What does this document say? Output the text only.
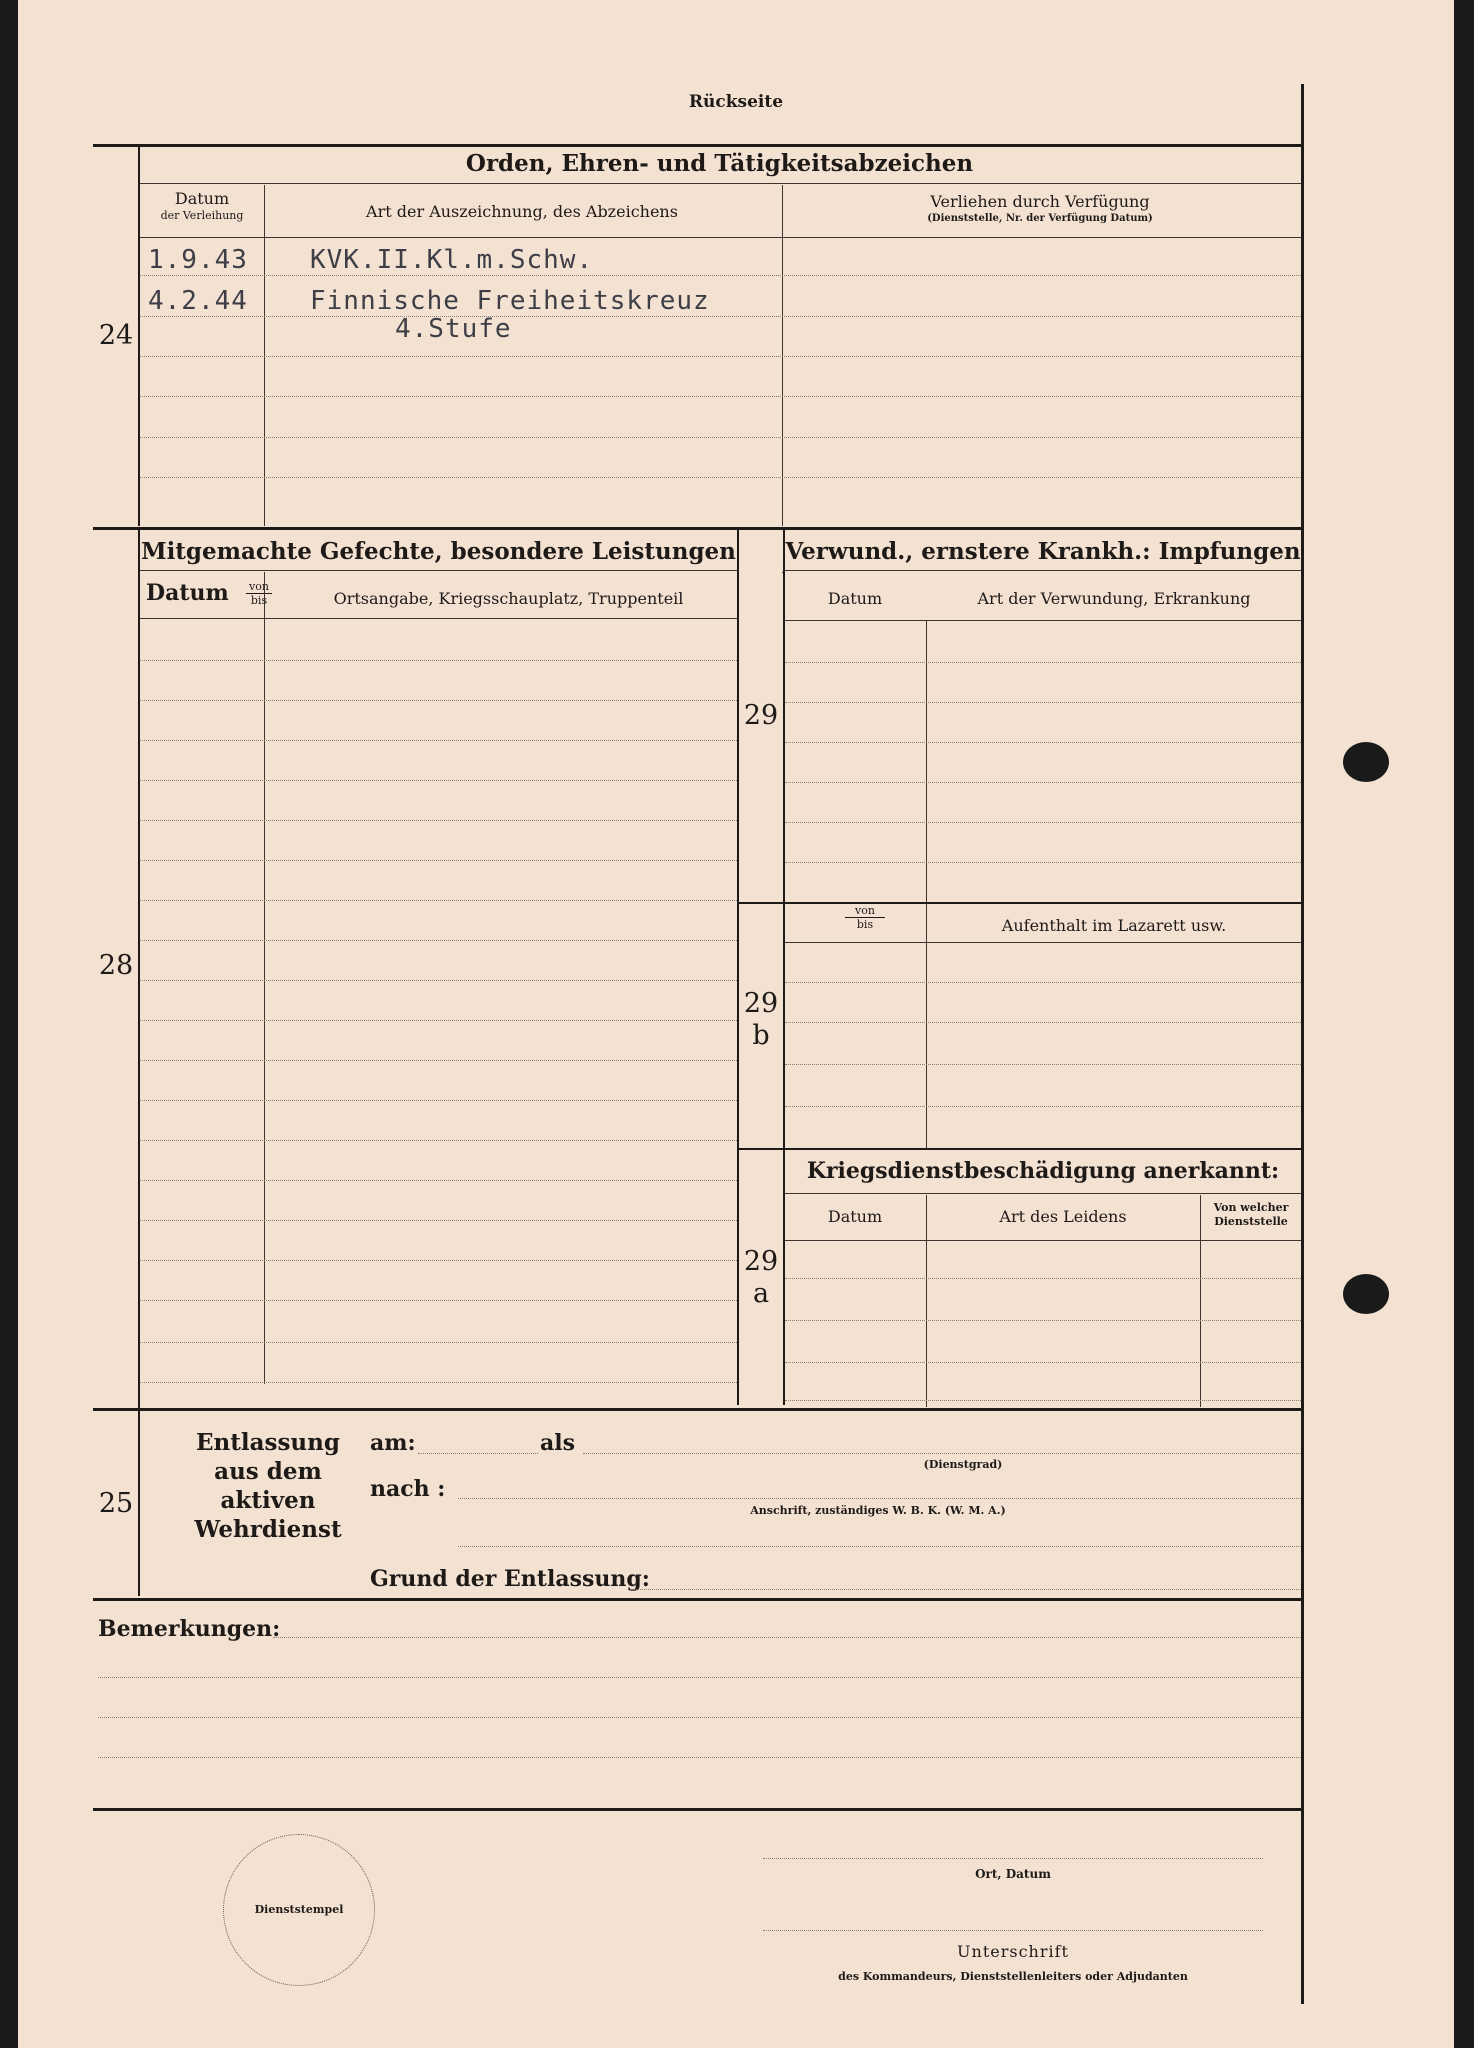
Rückseite
Orden, Ehren- und Tätigkeitsabzeichen
Datum
der Verleihung	Art der Auszeichnung, des Abzeichens
Verliehen durch Verfügung
(Dienststelle, Nr. der Verfügung Datum)
24
1.9.43 KVK.II.Kl.m.Schw.
4.2.44 Finnische Freiheitskreuz
4.Stufe
Mitgemachte Gefechte, besondere Leistungen
Datum von
bis	Ortsangabe, Kriegsschauplatz, Truppenteil
28
Verwund., ernstere Krankh.: Impfungen
Datum	Art der Verwundung, Erkrankung
29
von
bis	Aufenthalt im Lazarett usw.
29
b
Kriegsdienstbeschädigung anerkannt:
Datum	Art des Leidens	Von welcher
Dienststelle
29
a
25
Entlassung
aus dem aktiven
Wehrdienst
am:	als
(Dienstgrad)
nach :
Anschrift, zuständiges W. B. K. (W. M. A.)
Grund der Entlassung:
Bemerkungen:
Dienststempel
Ort, Datum
Unterschrift
des Kommandeurs, Dienststellenleiters oder Adjudanten
